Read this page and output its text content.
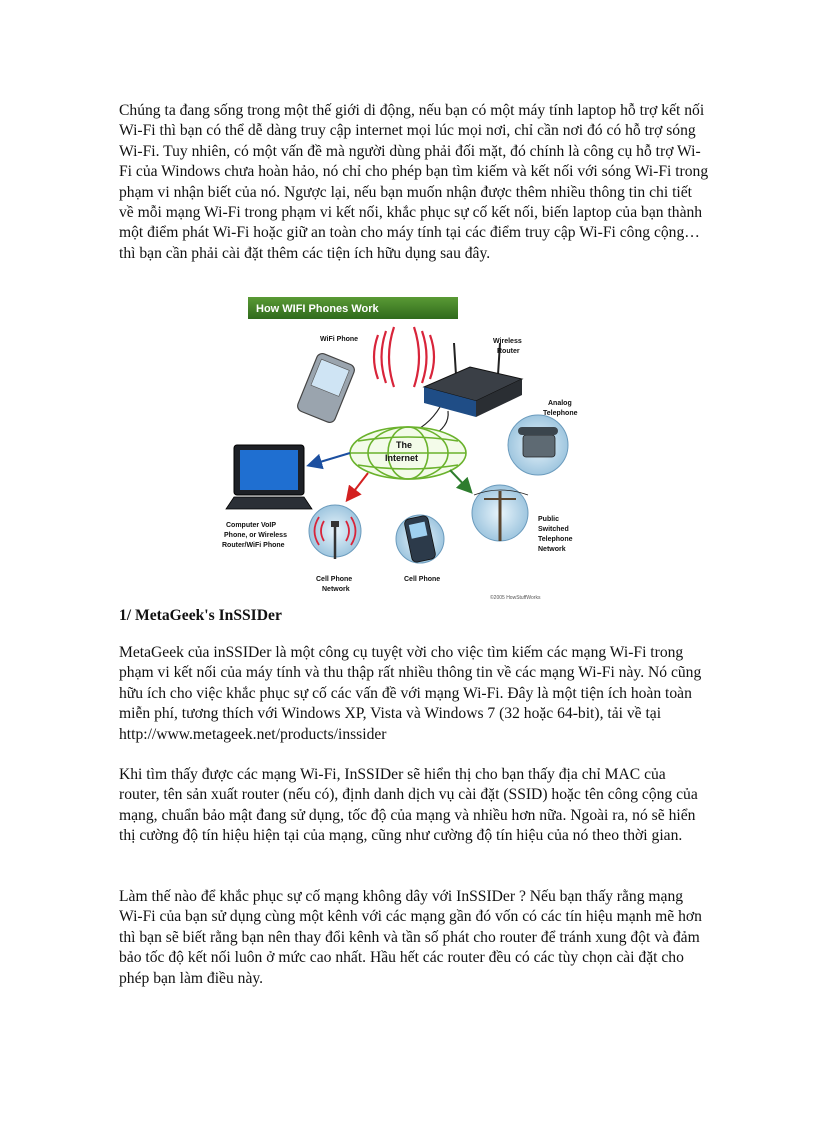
Chúng ta đang sống trong một thế giới di động, nếu bạn có một máy tính laptop hỗ trợ kết nối Wi-Fi thì bạn có thể dễ dàng truy cập internet mọi lúc mọi nơi, chỉ cần nơi đó có hỗ trợ sóng Wi-Fi. Tuy nhiên, có một vấn đề mà người dùng phải đối mặt, đó chính là công cụ hỗ trợ Wi-Fi của Windows chưa hoàn hảo, nó chỉ cho phép bạn tìm kiếm và kết nối với sóng Wi-Fi trong phạm vi nhận biết của nó. Ngược lại, nếu bạn muốn nhận được thêm nhiều thông tin chi tiết về mỗi mạng Wi-Fi trong phạm vi kết nối, khắc phục sự cố kết nối, biến laptop của bạn thành một điểm phát Wi-Fi hoặc giữ an toàn cho máy tính tại các điểm truy cập Wi-Fi công cộng… thì bạn cần phải cài đặt thêm các tiện ích hữu dụng sau đây.

How WIFI Phones Work
WiFi Phone	Wireless
Router
Analog
Telephone
The
Internet
Computer VoIP
Phone, or Wireless
Router/WiFi Phone
Cell Phone
Network
Cell Phone
Public
Switched
Telephone
Network
©2005 HowStuffWorks
1/ MetaGeek's InSSIDer

MetaGeek của inSSIDer là một công cụ tuyệt vời cho việc tìm kiếm các mạng Wi-Fi trong phạm vi kết nối của máy tính và thu thập rất nhiều thông tin về các mạng Wi-Fi này. Nó cũng hữu ích cho việc khắc phục sự cố các vấn đề với mạng Wi-Fi. Đây là một tiện ích hoàn toàn miễn phí, tương thích với Windows XP, Vista và Windows 7 (32 hoặc 64-bit), tải về tại http://www.metageek.net/products/inssider

Khi tìm thấy được các mạng Wi-Fi, InSSIDer sẽ hiển thị cho bạn thấy địa chỉ MAC của router, tên sản xuất router (nếu có), định danh dịch vụ cài đặt (SSID) hoặc tên công cộng của mạng, chuẩn bảo mật đang sử dụng, tốc độ của mạng và nhiều hơn nữa. Ngoài ra, nó sẽ hiển thị cường độ tín hiệu hiện tại của mạng, cũng như cường độ tín hiệu của nó theo thời gian.

Làm thế nào để khắc phục sự cố mạng không dây với InSSIDer ? Nếu bạn thấy rằng mạng Wi-Fi của bạn sử dụng cùng một kênh với các mạng gần đó vốn có các tín hiệu mạnh mẽ hơn thì bạn sẽ biết rằng bạn nên thay đổi kênh và tần số phát cho router để tránh xung đột và đảm bảo tốc độ kết nối luôn ở mức cao nhất. Hầu hết các router đều có các tùy chọn cài đặt cho phép bạn làm điều này.
